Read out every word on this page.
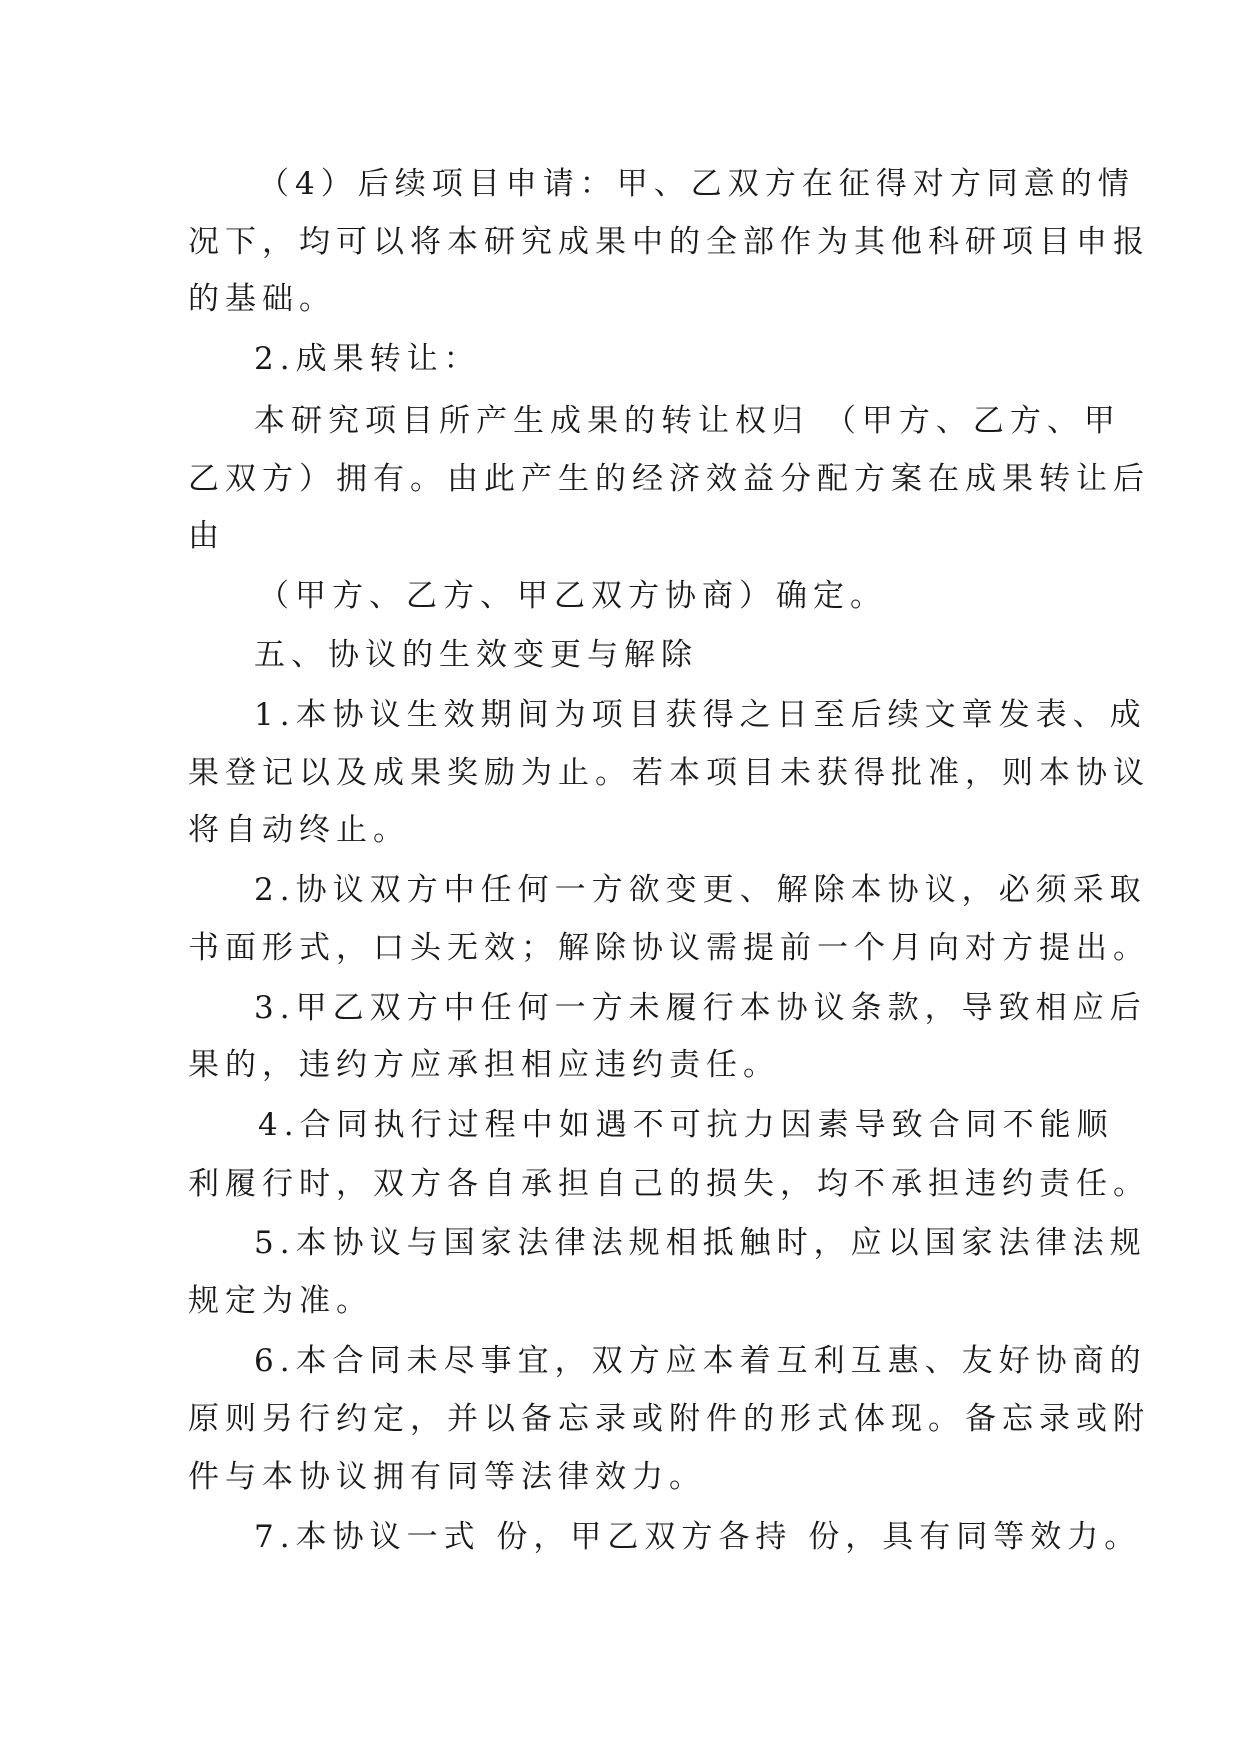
（4）后续项目申请：甲、乙双方在征得对方同意的情
况下，均可以将本研究成果中的全部作为其他科研项目申报
的基础。
2.成果转让：
本研究项目所产生成果的转让权归 （甲方、乙方、甲
乙双方）拥有。由此产生的经济效益分配方案在成果转让后
由
（甲方、乙方、甲乙双方协商）确定。
五、协议的生效变更与解除
1.本协议生效期间为项目获得之日至后续文章发表、成
果登记以及成果奖励为止。若本项目未获得批准，则本协议
将自动终止。
2.协议双方中任何一方欲变更、解除本协议，必须采取
书面形式，口头无效；解除协议需提前一个月向对方提出。
3.甲乙双方中任何一方未履行本协议条款，导致相应后
果的，违约方应承担相应违约责任。
4.合同执行过程中如遇不可抗力因素导致合同不能顺
利履行时，双方各自承担自己的损失，均不承担违约责任。
5.本协议与国家法律法规相抵触时，应以国家法律法规
规定为准。
6.本合同未尽事宜，双方应本着互利互惠、友好协商的
原则另行约定，并以备忘录或附件的形式体现。备忘录或附
件与本协议拥有同等法律效力。
7.本协议一式 份，甲乙双方各持 份，具有同等效力。
